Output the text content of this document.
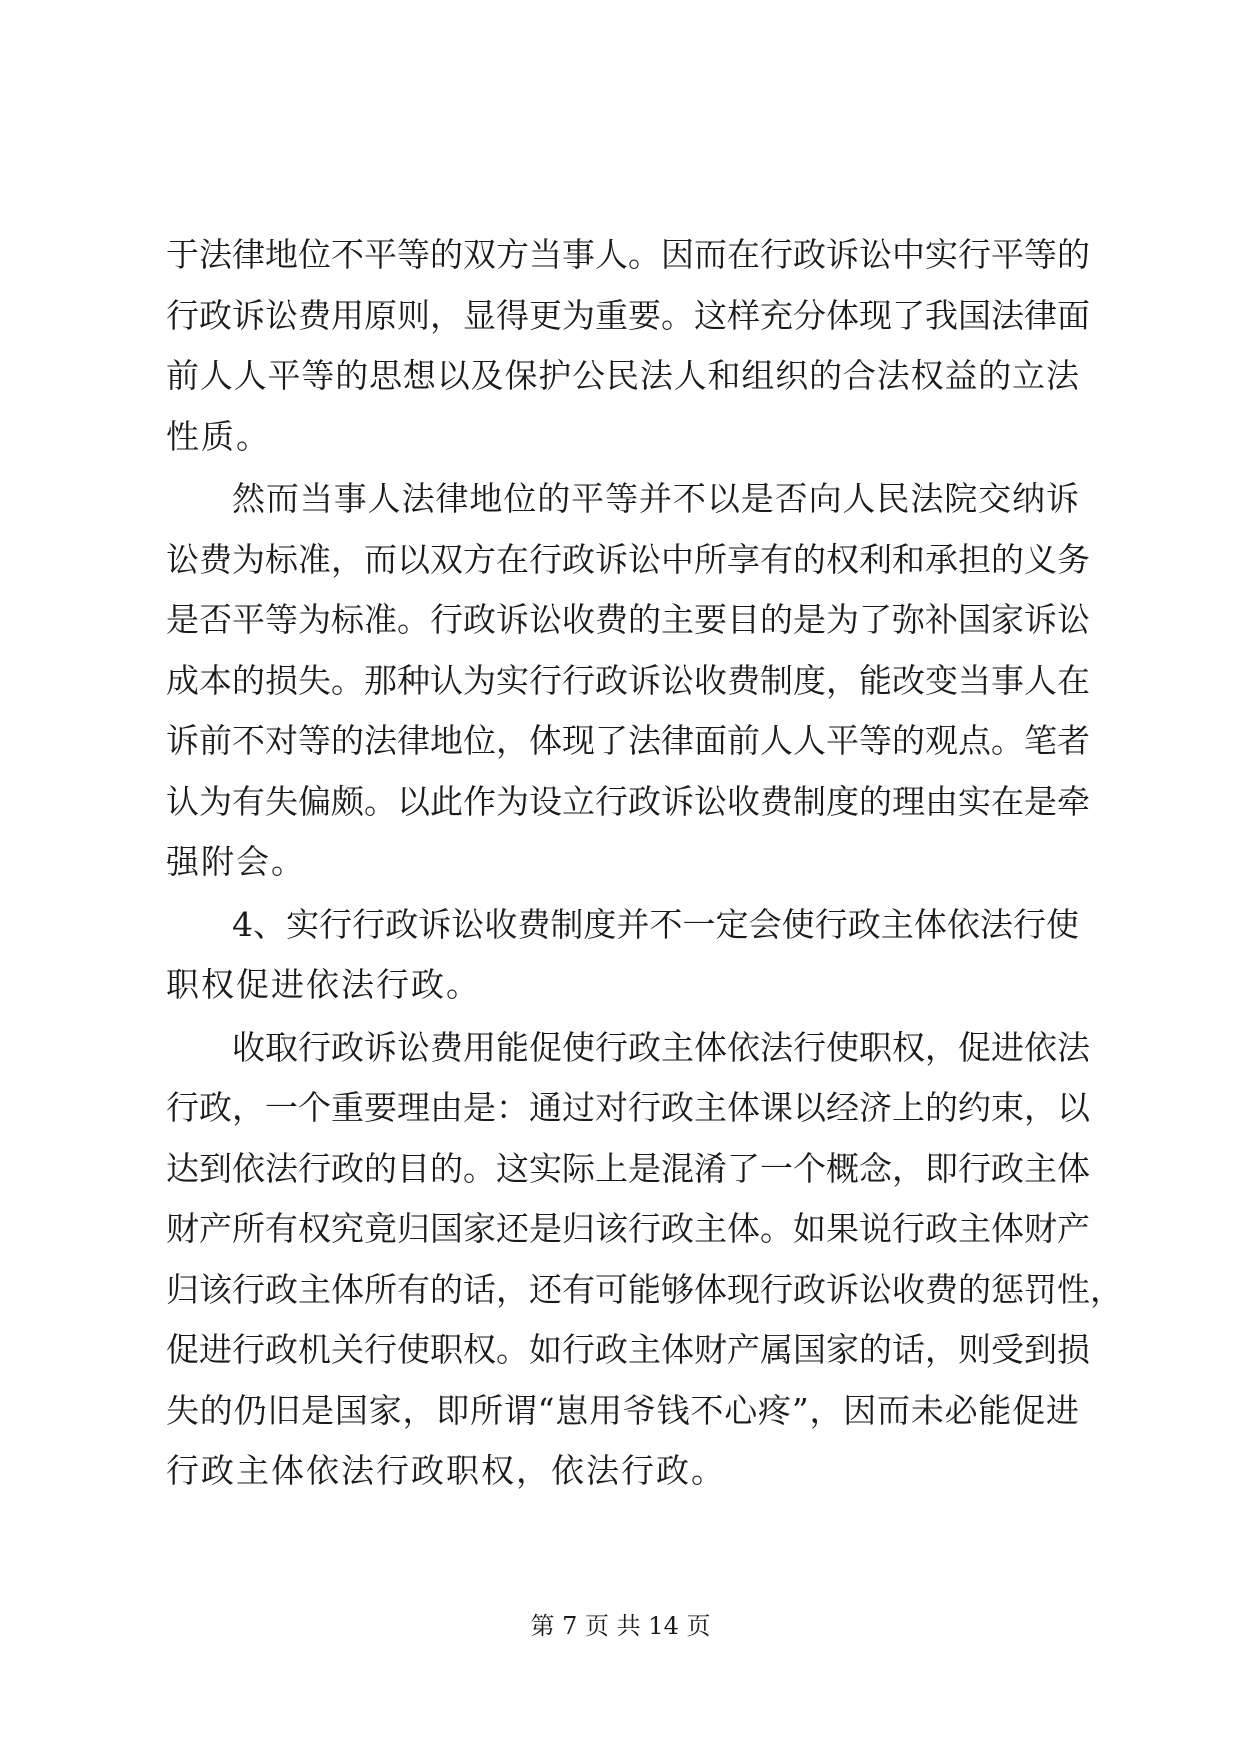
于法律地位不平等的双方当事人。因而在行政诉讼中实行平等的
行政诉讼费用原则，显得更为重要。这样充分体现了我国法律面
前人人平等的思想以及保护公民法人和组织的合法权益的立法
性质。
然而当事人法律地位的平等并不以是否向人民法院交纳诉
讼费为标准，而以双方在行政诉讼中所享有的权利和承担的义务
是否平等为标准。行政诉讼收费的主要目的是为了弥补国家诉讼
成本的损失。那种认为实行行政诉讼收费制度，能改变当事人在
诉前不对等的法律地位，体现了法律面前人人平等的观点。笔者
认为有失偏颇。以此作为设立行政诉讼收费制度的理由实在是牵
强附会。
4、实行行政诉讼收费制度并不一定会使行政主体依法行使
职权促进依法行政。
收取行政诉讼费用能促使行政主体依法行使职权，促进依法
行政，一个重要理由是：通过对行政主体课以经济上的约束，以
达到依法行政的目的。这实际上是混淆了一个概念，即行政主体
财产所有权究竟归国家还是归该行政主体。如果说行政主体财产
归该行政主体所有的话，还有可能够体现行政诉讼收费的惩罚性，
促进行政机关行使职权。如行政主体财产属国家的话，则受到损
失的仍旧是国家，即所谓“崽用爷钱不心疼”，因而未必能促进
行政主体依法行政职权，依法行政。
第 7 页 共 14 页
